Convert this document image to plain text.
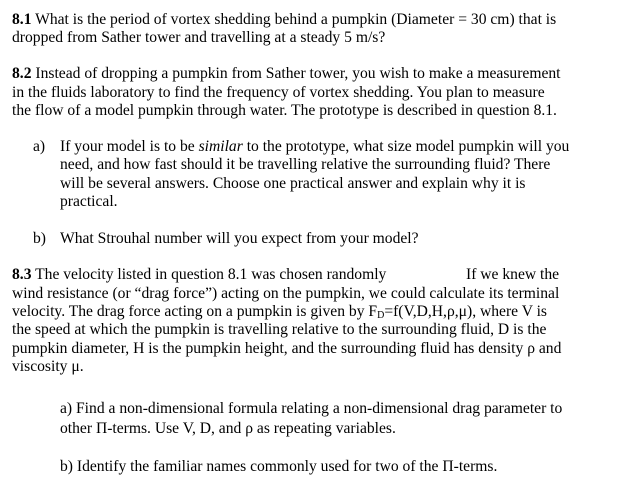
8.1 What is the period of vortex shedding behind a pumpkin (Diameter = 30 cm) that is
dropped from Sather tower and travelling at a steady 5 m/s?
8.2 Instead of dropping a pumpkin from Sather tower, you wish to make a measurement
in the fluids laboratory to find the frequency of vortex shedding. You plan to measure
the flow of a model pumpkin through water. The prototype is described in question 8.1.
a) If your model is to be similar to the prototype, what size model pumpkin will you
need, and how fast should it be travelling relative the surrounding fluid? There
will be several answers. Choose one practical answer and explain why it is
practical.
b) What Strouhal number will you expect from your model?
8.3 The velocity listed in question 8.1 was chosen randomly	If we knew the
wind resistance (or “drag force”) acting on the pumpkin, we could calculate its terminal
velocity. The drag force acting on a pumpkin is given by $F_D=f(V,D,H,\rho,\mu)$, where V is
the speed at which the pumpkin is travelling relative to the surrounding fluid, D is the
pumpkin diameter, H is the pumpkin height, and the surrounding fluid has density ρ and
viscosity μ.
a) Find a non-dimensional formula relating a non-dimensional drag parameter to
other Π-terms. Use V, D, and ρ as repeating variables.
b) Identify the familiar names commonly used for two of the Π-terms.
